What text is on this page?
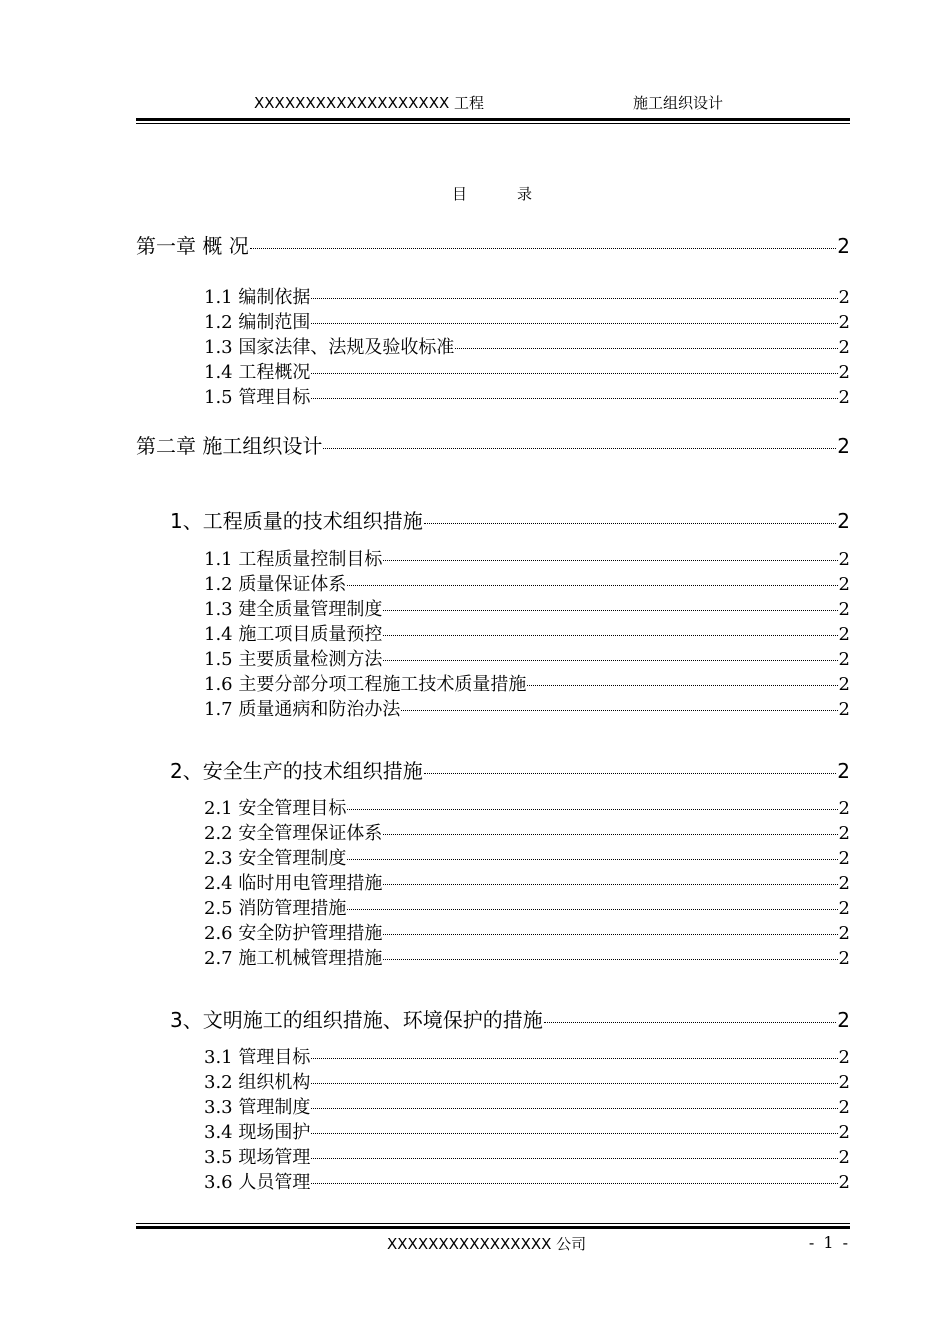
XXXXXXXXXXXXXXXXXXX 工程	施工组织设计
目录
第一章 概 况	2
1.1 编制依据	2
1.2 编制范围	2
1.3 国家法律、法规及验收标准	2
1.4 工程概况	2
1.5 管理目标	2
第二章 施工组织设计	2
1、工程质量的技术组织措施	2
1.1 工程质量控制目标	2
1.2 质量保证体系	2
1.3 建全质量管理制度	2
1.4 施工项目质量预控	2
1.5 主要质量检测方法	2
1.6 主要分部分项工程施工技术质量措施	2
1.7 质量通病和防治办法	2
2、安全生产的技术组织措施	2
2.1 安全管理目标	2
2.2 安全管理保证体系	2
2.3 安全管理制度	2
2.4 临时用电管理措施	2
2.5 消防管理措施	2
2.6 安全防护管理措施	2
2.7 施工机械管理措施	2
3、文明施工的组织措施、环境保护的措施	2
3.1 管理目标	2
3.2 组织机构	2
3.3 管理制度	2
3.4 现场围护	2
3.5 现场管理	2
3.6 人员管理	2
XXXXXXXXXXXXXXXX 公司	- 1 -
